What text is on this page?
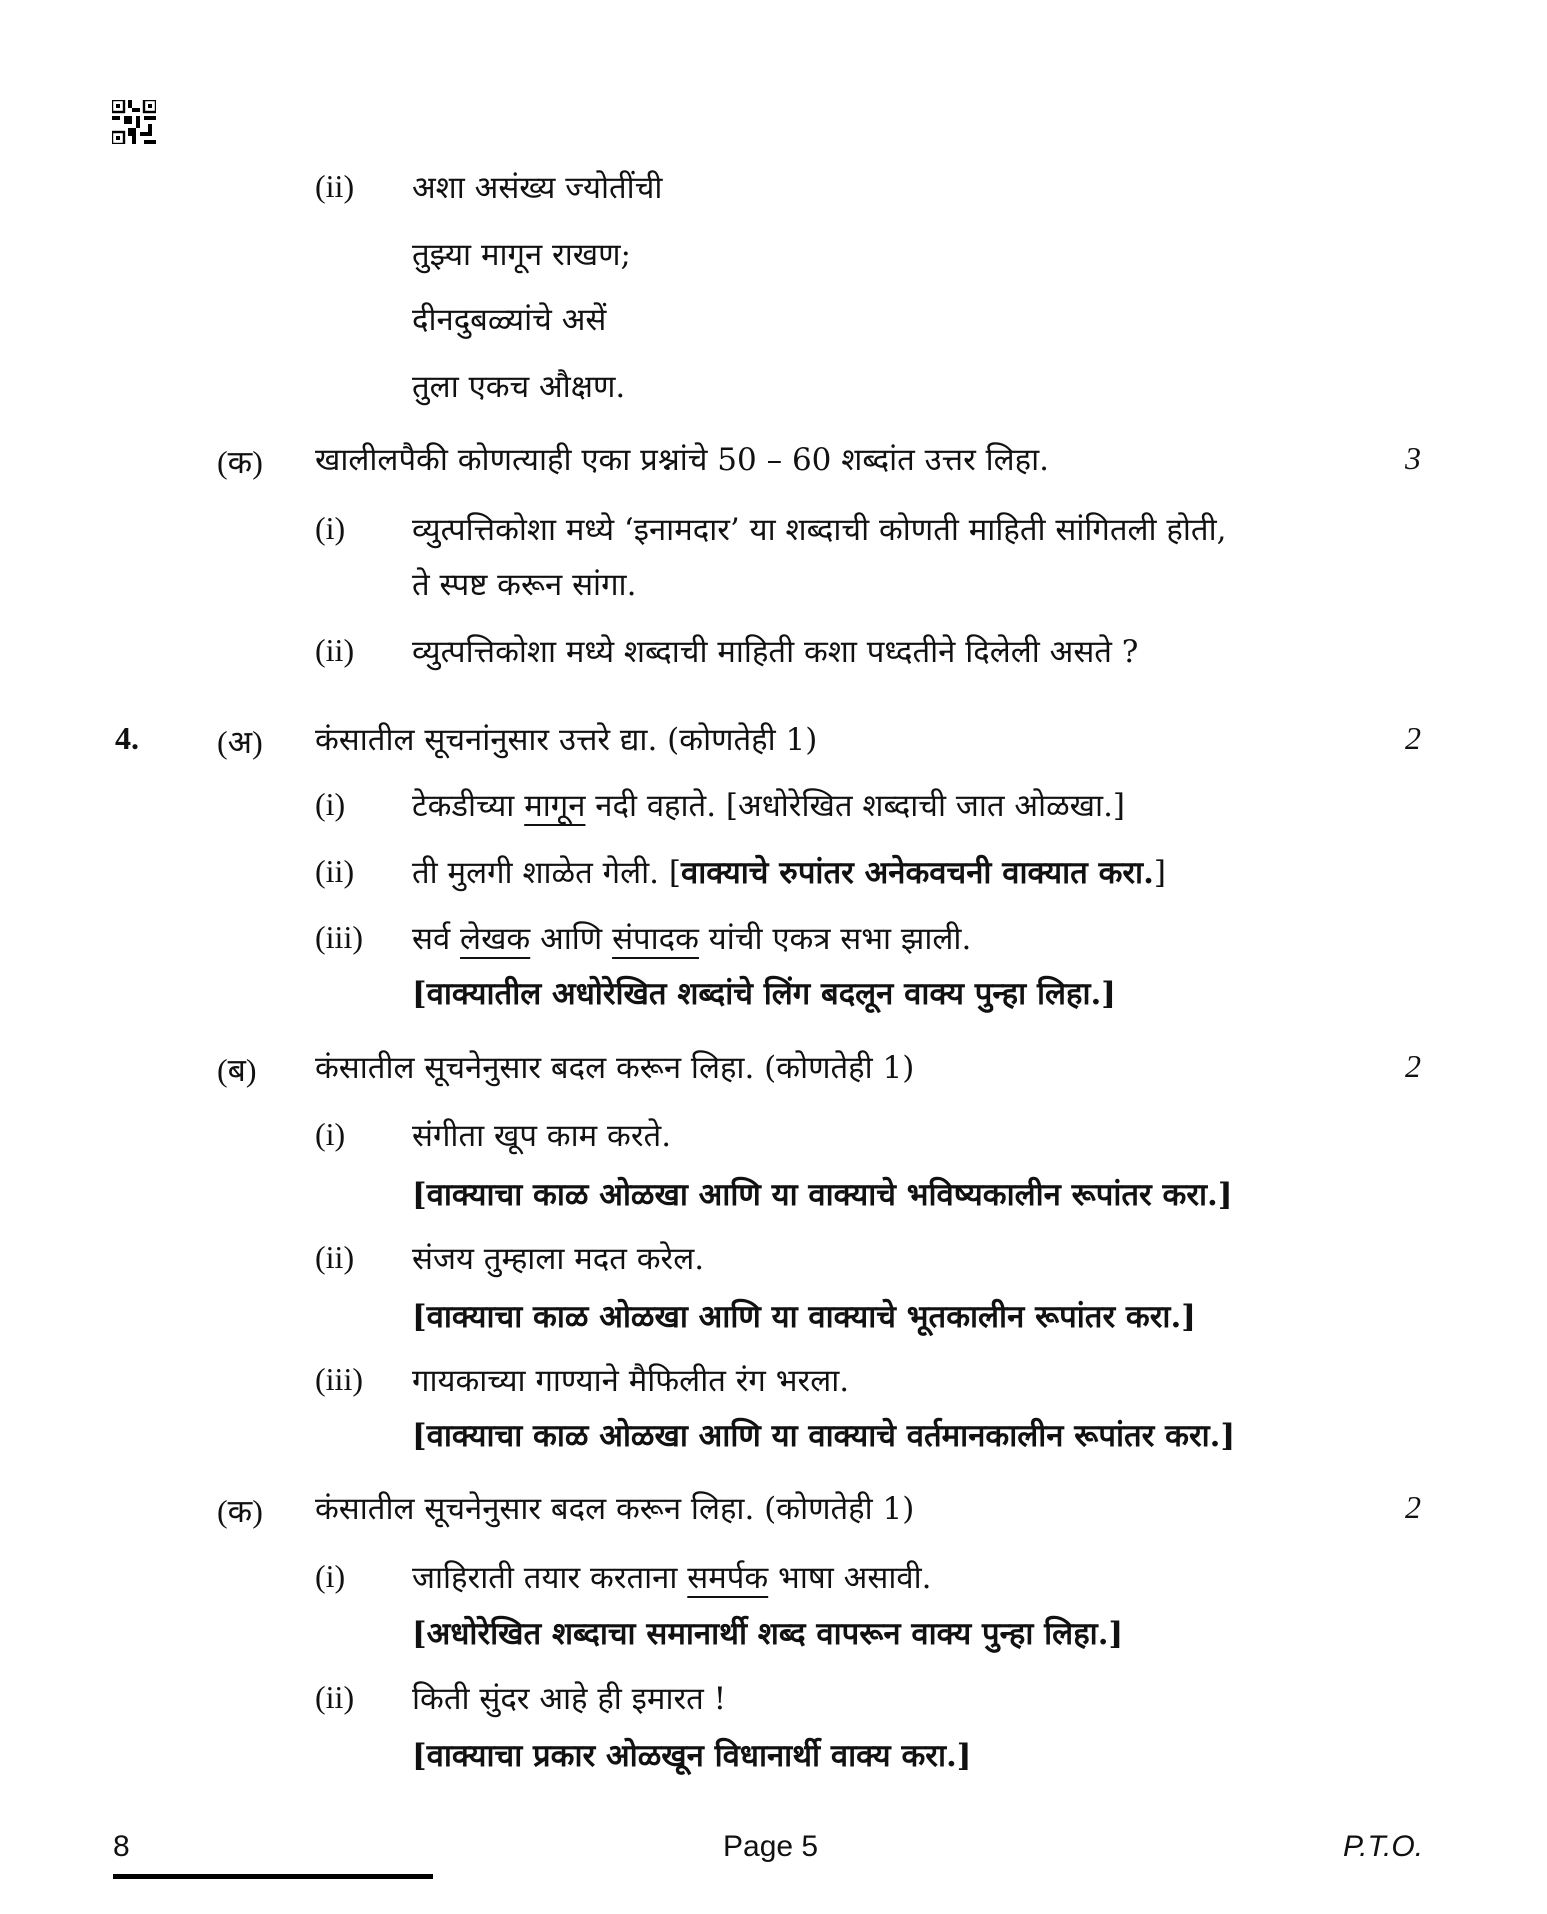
(ii) अशा असंख्य ज्योतींची
तुझ्या मागून राखण;
दीनदुबळ्यांचे असें
तुला एकच औक्षण.
(क) खालीलपैकी कोणत्याही एका प्रश्नांचे 50 – 60 शब्दांत उत्तर लिहा.	3
(i) व्युत्पत्तिकोशा मध्ये ‘इनामदार’ या शब्दाची कोणती माहिती सांगितली होती,
ते स्पष्ट करून सांगा.
(ii) व्युत्पत्तिकोशा मध्ये शब्दाची माहिती कशा पध्दतीने दिलेली असते ?
4. (अ) कंसातील सूचनांनुसार उत्तरे द्या. (कोणतेही 1)	2
(i) टेकडीच्या मागून नदी वहाते. [अधोरेखित शब्दाची जात ओळखा.]
(ii) ती मुलगी शाळेत गेली. [वाक्याचे रुपांतर अनेकवचनी वाक्यात करा.]
(iii) सर्व लेखक आणि संपादक यांची एकत्र सभा झाली.
[वाक्यातील अधोरेखित शब्दांचे लिंग बदलून वाक्य पुन्हा लिहा.]
(ब) कंसातील सूचनेनुसार बदल करून लिहा. (कोणतेही 1)	2
(i) संगीता खूप काम करते.
[वाक्याचा काळ ओळखा आणि या वाक्याचे भविष्यकालीन रूपांतर करा.]
(ii) संजय तुम्हाला मदत करेल.
[वाक्याचा काळ ओळखा आणि या वाक्याचे भूतकालीन रूपांतर करा.]
(iii) गायकाच्या गाण्याने मैफिलीत रंग भरला.
[वाक्याचा काळ ओळखा आणि या वाक्याचे वर्तमानकालीन रूपांतर करा.]
(क) कंसातील सूचनेनुसार बदल करून लिहा. (कोणतेही 1)	2
(i) जाहिराती तयार करताना समर्पक भाषा असावी.
[अधोरेखित शब्दाचा समानार्थी शब्द वापरून वाक्य पुन्हा लिहा.]
(ii) किती सुंदर आहे ही इमारत !
[वाक्याचा प्रकार ओळखून विधानार्थी वाक्य करा.]
8	Page 5	P.T.O.
